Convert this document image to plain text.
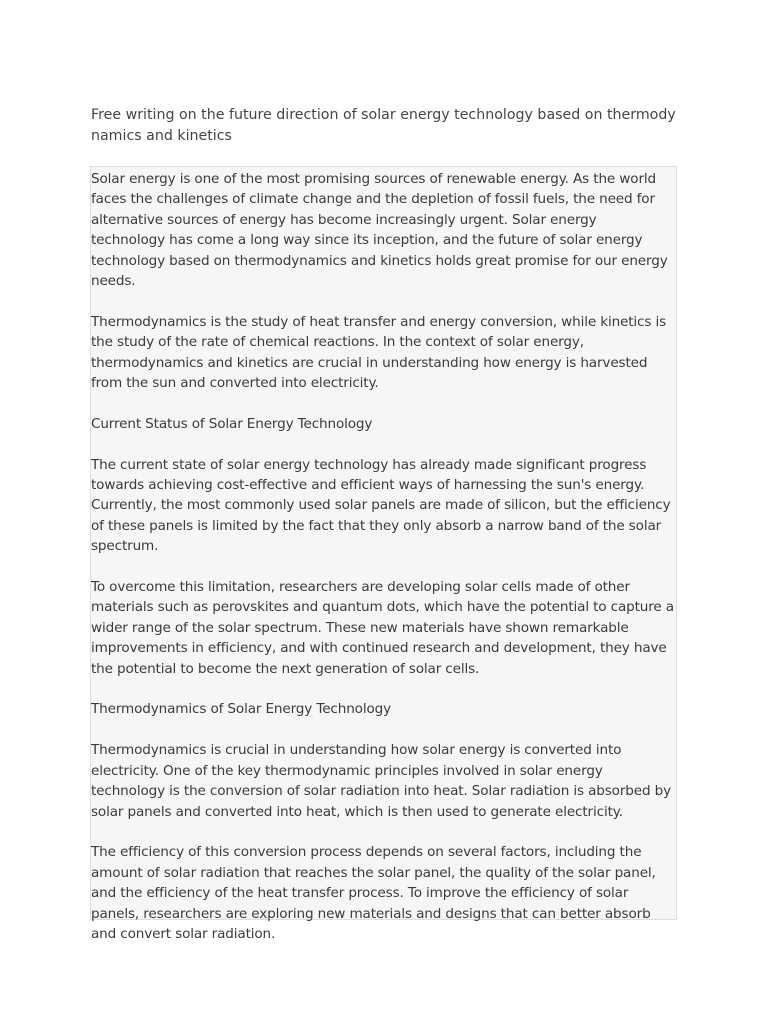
Free writing on the future direction of solar energy technology based on thermodynamics and kinetics

Solar energy is one of the most promising sources of renewable energy. As the world faces the challenges of climate change and the depletion of fossil fuels, the need for alternative sources of energy has become increasingly urgent. Solar energy technology has come a long way since its inception, and the future of solar energy technology based on thermodynamics and kinetics holds great promise for our energy needs.

Thermodynamics is the study of heat transfer and energy conversion, while kinetics is the study of the rate of chemical reactions. In the context of solar energy, thermodynamics and kinetics are crucial in understanding how energy is harvested from the sun and converted into electricity.

Current Status of Solar Energy Technology

The current state of solar energy technology has already made significant progress towards achieving cost-effective and efficient ways of harnessing the sun's energy. Currently, the most commonly used solar panels are made of silicon, but the efficiency of these panels is limited by the fact that they only absorb a narrow band of the solar spectrum.

To overcome this limitation, researchers are developing solar cells made of other materials such as perovskites and quantum dots, which have the potential to capture a wider range of the solar spectrum. These new materials have shown remarkable improvements in efficiency, and with continued research and development, they have the potential to become the next generation of solar cells.

Thermodynamics of Solar Energy Technology

Thermodynamics is crucial in understanding how solar energy is converted into electricity. One of the key thermodynamic principles involved in solar energy technology is the conversion of solar radiation into heat. Solar radiation is absorbed by solar panels and converted into heat, which is then used to generate electricity.

The efficiency of this conversion process depends on several factors, including the amount of solar radiation that reaches the solar panel, the quality of the solar panel, and the efficiency of the heat transfer process. To improve the efficiency of solar panels, researchers are exploring new materials and designs that can better absorb and convert solar radiation.
